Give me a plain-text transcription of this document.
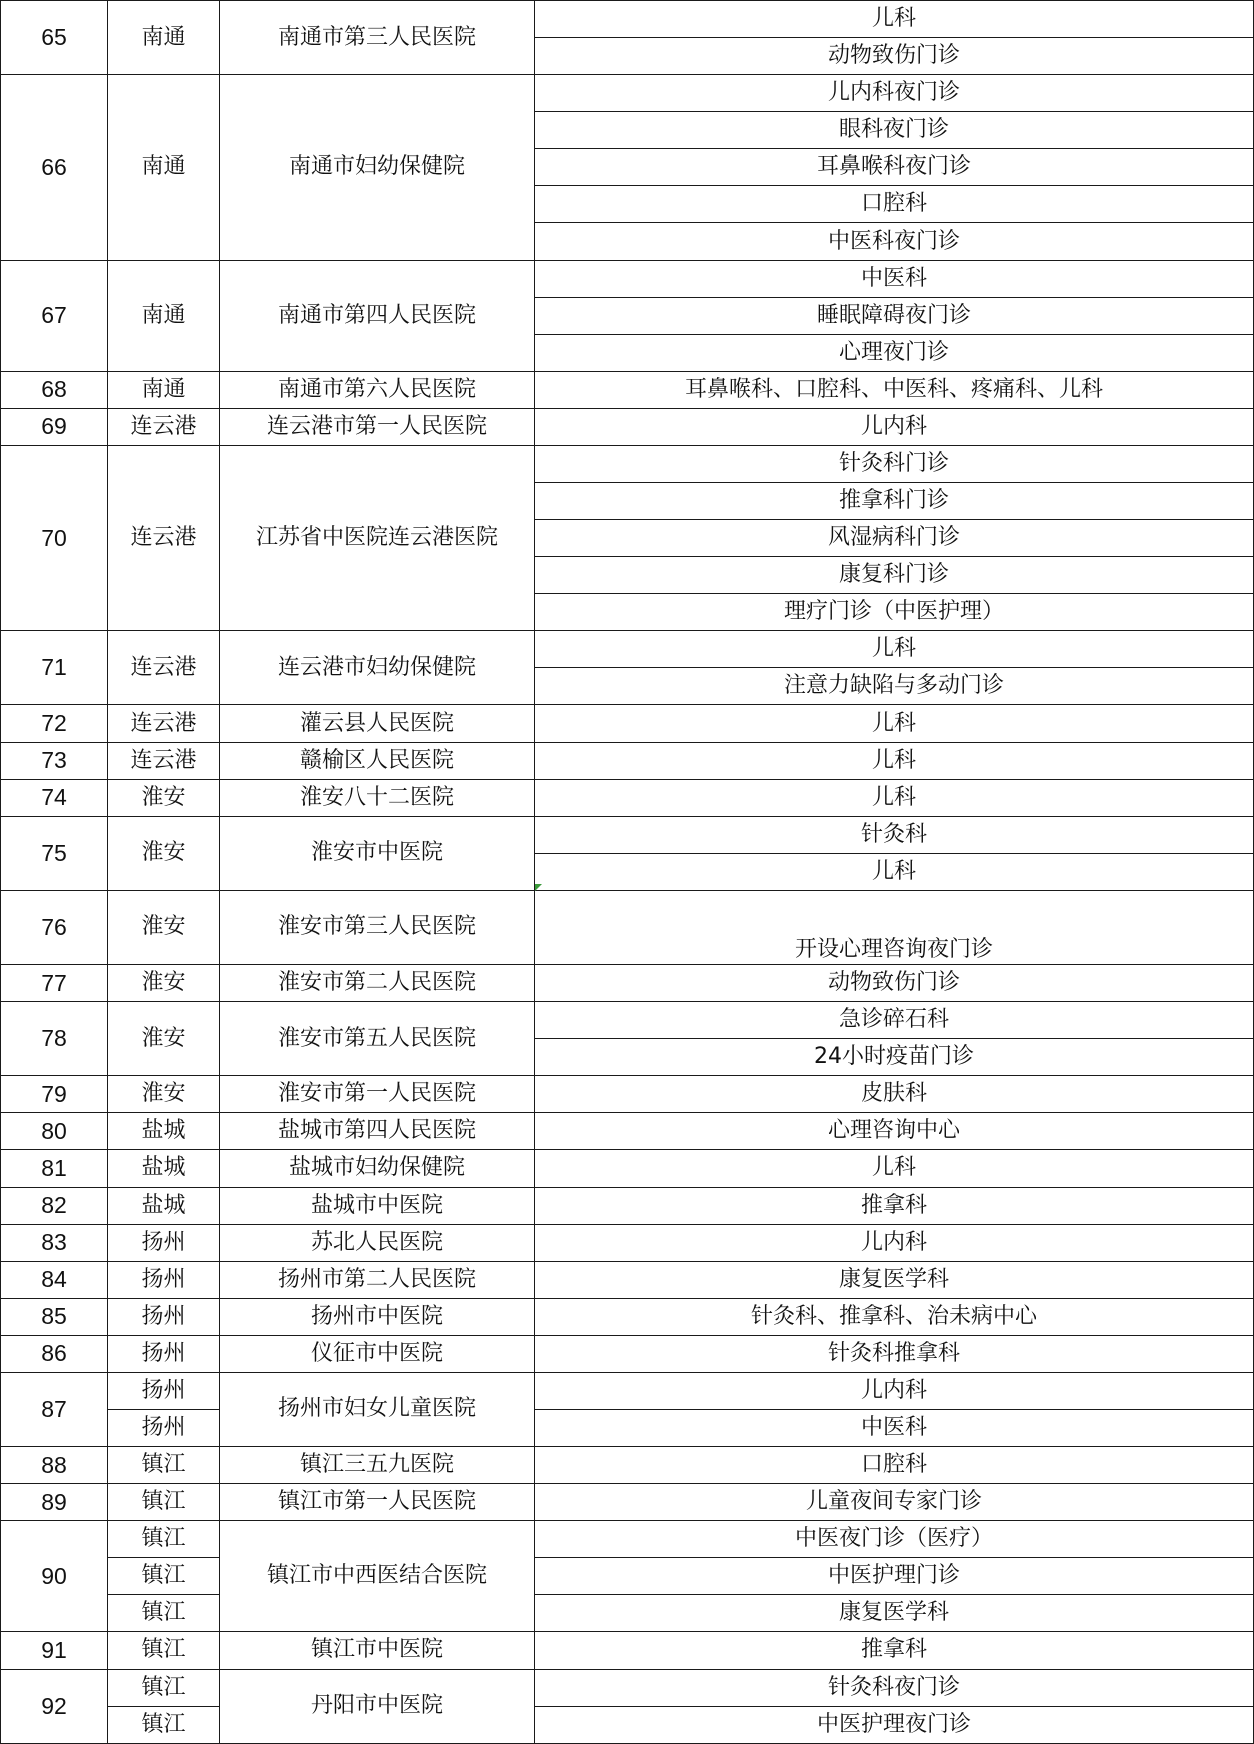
65	南通	南通市第三人民医院	儿科
			动物致伤门诊
66	南通	南通市妇幼保健院	儿内科夜门诊
			眼科夜门诊
			耳鼻喉科夜门诊
			口腔科
			中医科夜门诊
67	南通	南通市第四人民医院	中医科
			睡眠障碍夜门诊
			心理夜门诊
68	南通	南通市第六人民医院	耳鼻喉科、口腔科、中医科、疼痛科、儿科
69	连云港	连云港市第一人民医院	儿内科
70	连云港	江苏省中医院连云港医院	针灸科门诊
			推拿科门诊
			风湿病科门诊
			康复科门诊
			理疗门诊（中医护理）
71	连云港	连云港市妇幼保健院	儿科
			注意力缺陷与多动门诊
72	连云港	灌云县人民医院	儿科
73	连云港	赣榆区人民医院	儿科
74	淮安	淮安八十二医院	儿科
75	淮安	淮安市中医院	针灸科
			儿科
76	淮安	淮安市第三人民医院	开设心理咨询夜门诊
77	淮安	淮安市第二人民医院	动物致伤门诊
78	淮安	淮安市第五人民医院	急诊碎石科
			24小时疫苗门诊
79	淮安	淮安市第一人民医院	皮肤科
80	盐城	盐城市第四人民医院	心理咨询中心
81	盐城	盐城市妇幼保健院	儿科
82	盐城	盐城市中医院	推拿科
83	扬州	苏北人民医院	儿内科
84	扬州	扬州市第二人民医院	康复医学科
85	扬州	扬州市中医院	针灸科、推拿科、治未病中心
86	扬州	仪征市中医院	针灸科推拿科
87	扬州	扬州市妇女儿童医院	儿内科
	扬州		中医科
88	镇江	镇江三五九医院	口腔科
89	镇江	镇江市第一人民医院	儿童夜间专家门诊
90	镇江	镇江市中西医结合医院	中医夜门诊（医疗）
	镇江		中医护理门诊
	镇江		康复医学科
91	镇江	镇江市中医院	推拿科
92	镇江	丹阳市中医院	针灸科夜门诊
	镇江		中医护理夜门诊
